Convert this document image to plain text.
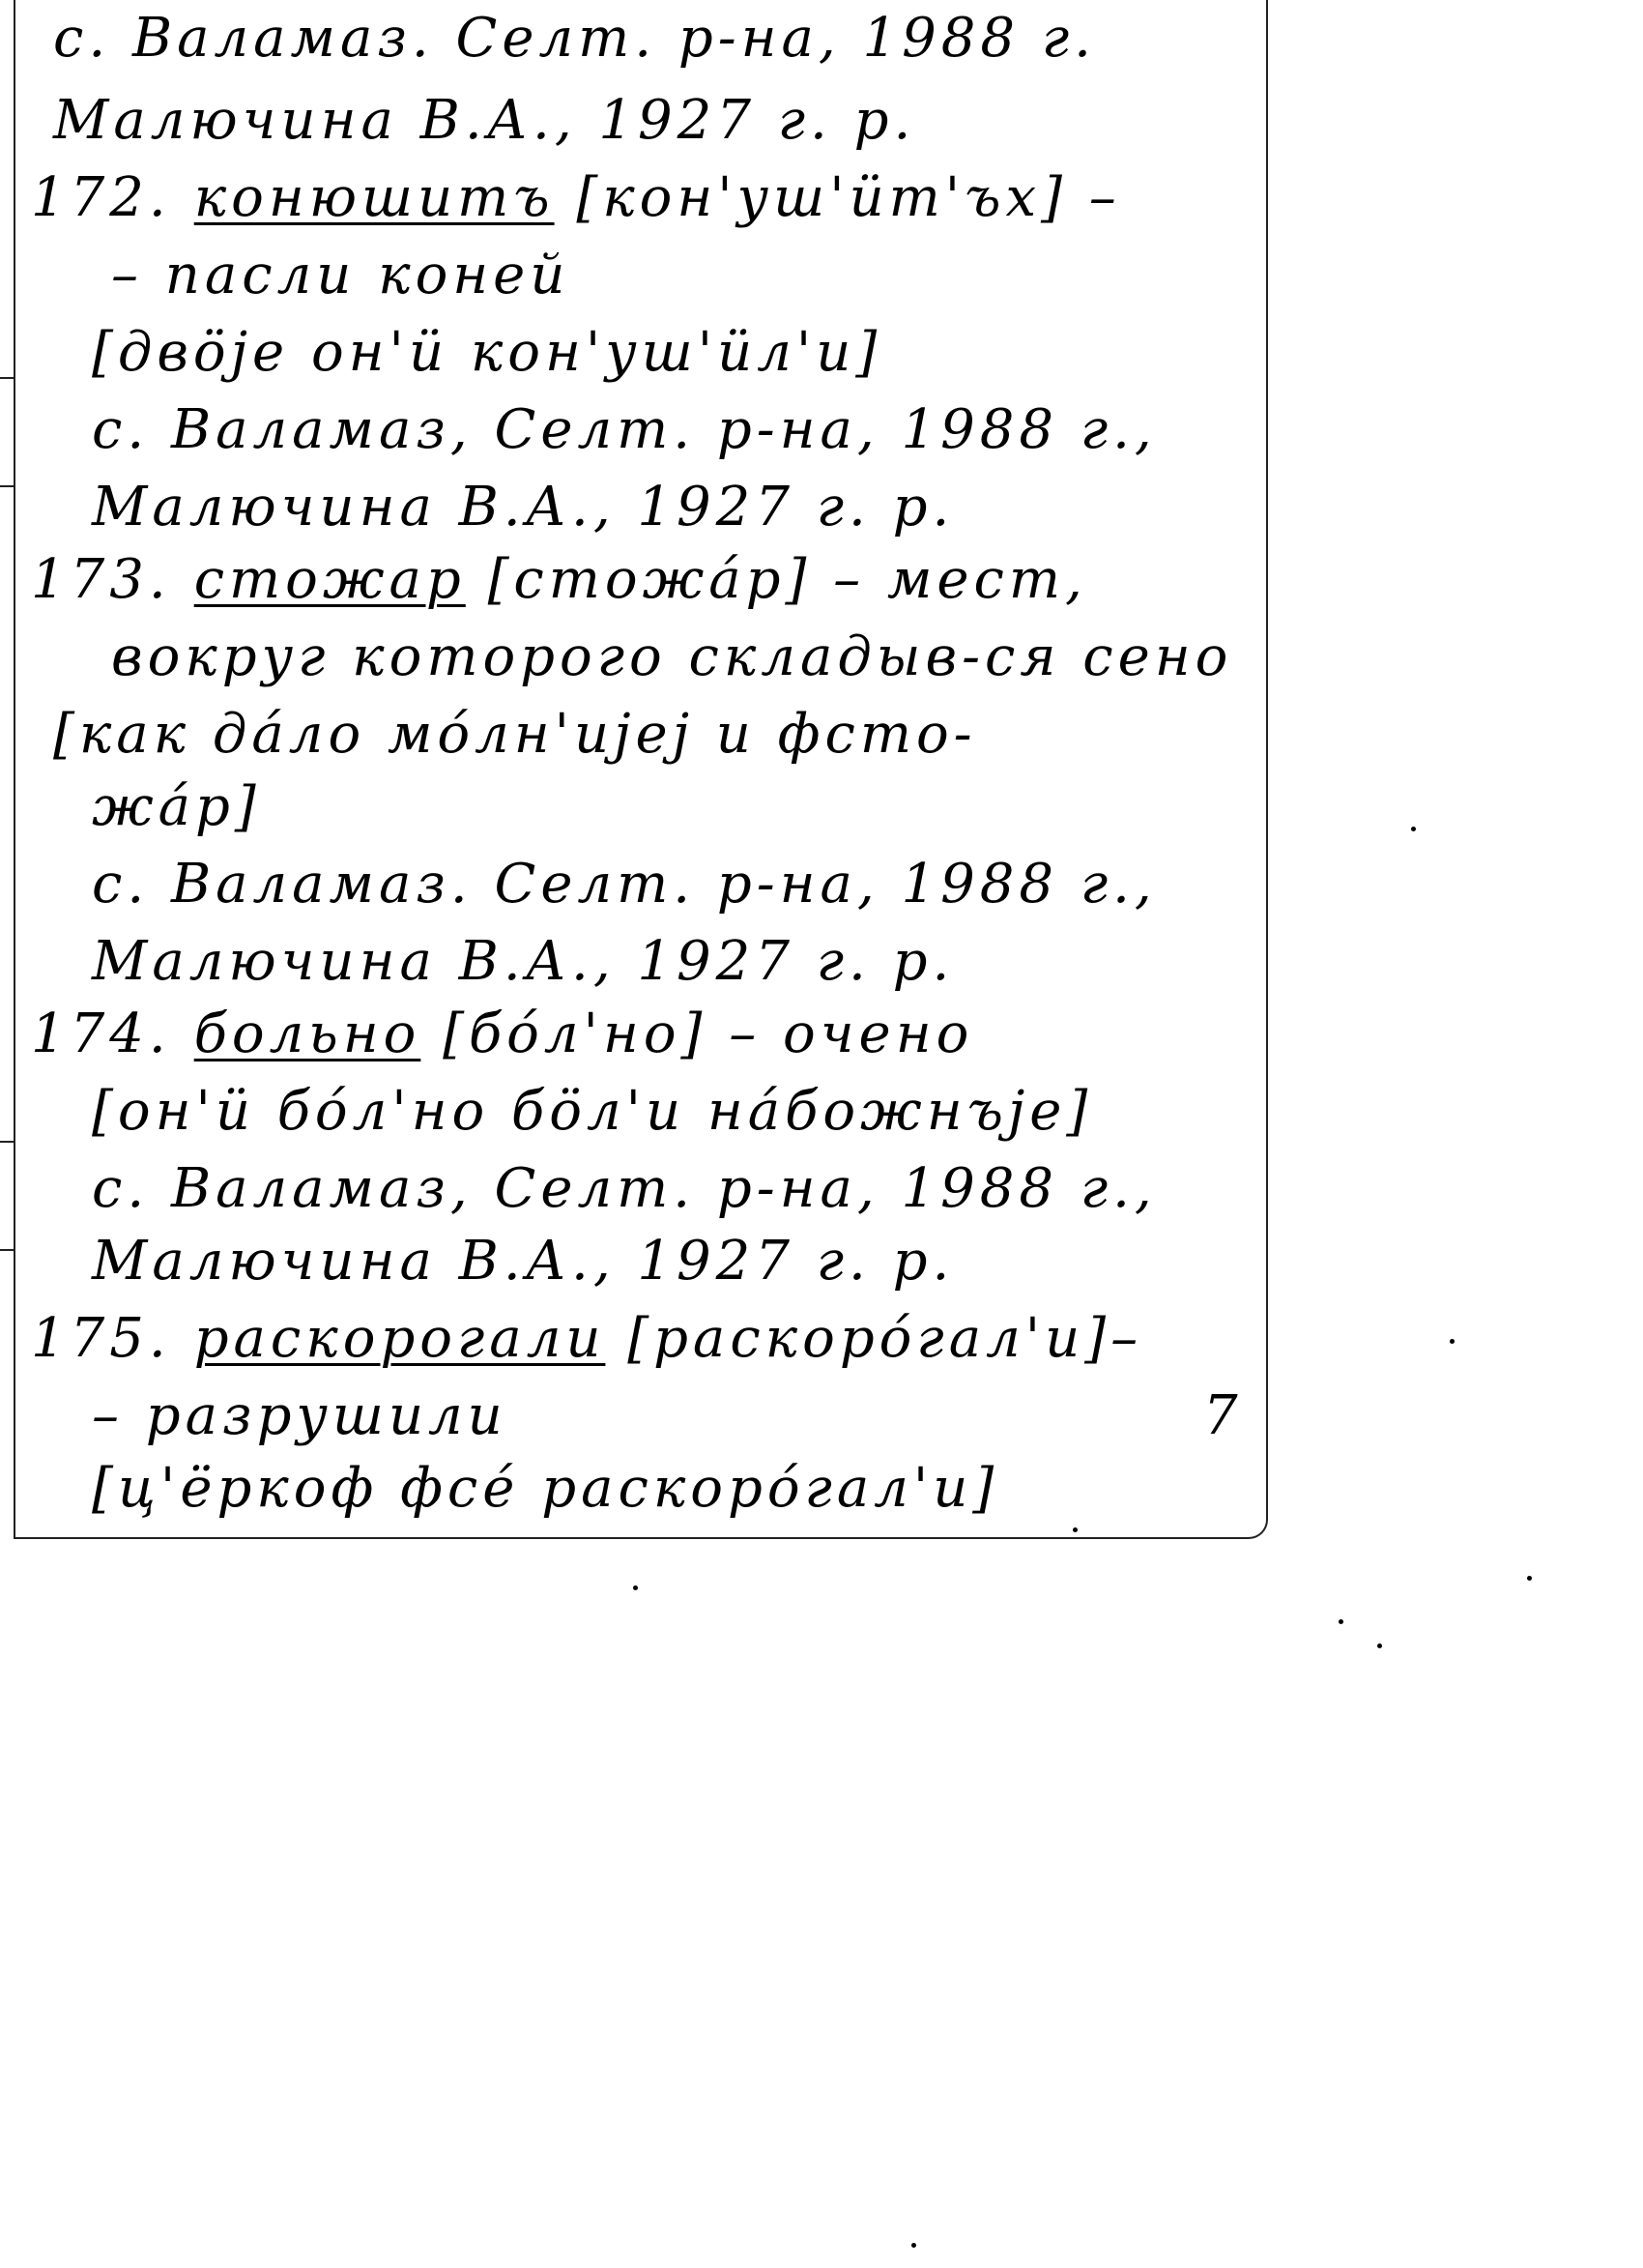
с. Валамаз. Селт. р-на, 1988 г.
Малючина В.А., 1927 г. р.
172. конюшитъ [кон'уш'ӥт'ъх] –
– пасли коней
[двöjе он'ӥ кон'уш'ӥл'и]
с. Валамаз, Селт. р-на, 1988 г.,
Малючина В.А., 1927 г. р.
173. стожар [стожáр] – мест,
вокруг которого складыв-ся сено
[как дáло мóлн'иjеj и фсто-
жáр]
с. Валамаз. Селт. р-на, 1988 г.,
Малючина В.А., 1927 г. р.
174. больно [бóл'но] – очено
[он'ӥ бóл'но бöл'и нáбожнъjе]
с. Валамаз, Селт. р-на, 1988 г.,
Малючина В.А., 1927 г. р.
175. раскорогали [раскорóгал'и]–
– разрушили	7
[ц'ёркоф фсé раскорóгал'и]
